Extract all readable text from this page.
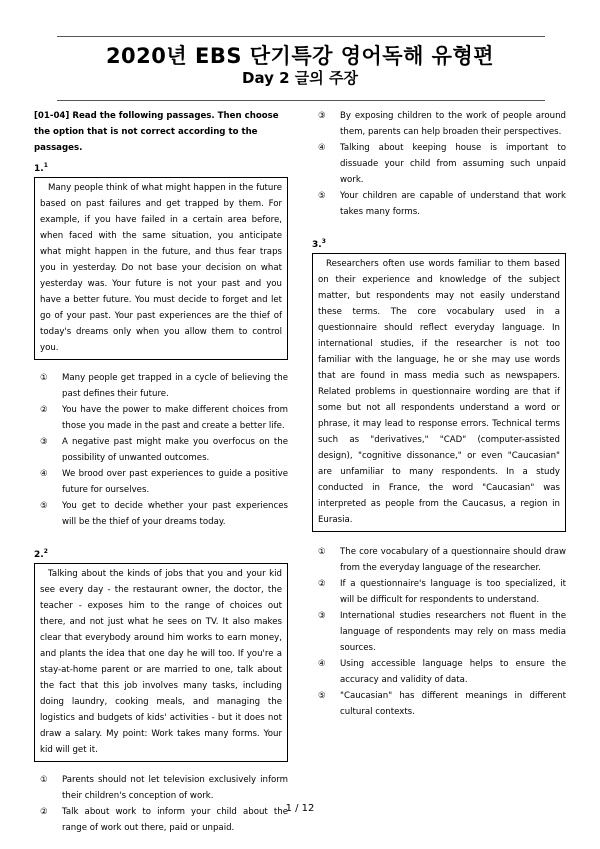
2020년 EBS 단기특강 영어독해 유형편
Day 2 글의 주장
[01-04] Read the following passages. Then choose the option that is not correct according to the passages.
1.$^1$

Many people think of what might happen in the future based on past failures and get trapped by them. For example, if you have failed in a certain area before, when faced with the same situation, you anticipate what might happen in the future, and thus fear traps you in yesterday. Do not base your decision on what yesterday was. Your future is not your past and you have a better future. You must decide to forget and let go of your past. Your past experiences are the thief of today's dreams only when you allow them to control you.

①	Many people get trapped in a cycle of believing the past defines their future.
②	You have the power to make different choices from those you made in the past and create a better life.
③	A negative past might make you overfocus on the possibility of unwanted outcomes.
④	We brood over past experiences to guide a positive future for ourselves.
⑤	You get to decide whether your past experiences will be the thief of your dreams today.
2.$^2$

Talking about the kinds of jobs that you and your kid see every day - the restaurant owner, the doctor, the teacher - exposes him to the range of choices out there, and not just what he sees on TV. It also makes clear that everybody around him works to earn money, and plants the idea that one day he will too. If you're a stay-at-home parent or are married to one, talk about the fact that this job involves many tasks, including doing laundry, cooking meals, and managing the logistics and budgets of kids' activities - but it does not draw a salary. My point: Work takes many forms. Your kid will get it.

①	Parents should not let television exclusively inform their children's conception of work.
②	Talk about work to inform your child about the range of work out there, paid or unpaid.
③	By exposing children to the work of people around them, parents can help broaden their perspectives.
④	Talking about keeping house is important to dissuade your child from assuming such unpaid work.
⑤	Your children are capable of understand that work takes many forms.
3.$^3$

Researchers often use words familiar to them based on their experience and knowledge of the subject matter, but respondents may not easily understand these terms. The core vocabulary used in a questionnaire should reflect everyday language. In international studies, if the researcher is not too familiar with the language, he or she may use words that are found in mass media such as newspapers. Related problems in questionnaire wording are that if some but not all respondents understand a word or phrase, it may lead to response errors. Technical terms such as "derivatives," "CAD" (computer-assisted design), "cognitive dissonance," or even "Caucasian" are unfamiliar to many respondents. In a study conducted in France, the word "Caucasian" was interpreted as people from the Caucasus, a region in Eurasia.

①	The core vocabulary of a questionnaire should draw from the everyday language of the researcher.
②	If a questionnaire's language is too specialized, it will be difficult for respondents to understand.
③	International studies researchers not fluent in the language of respondents may rely on mass media sources.
④	Using accessible language helps to ensure the accuracy and validity of data.
⑤	"Caucasian" has different meanings in different cultural contexts.
1 / 12
